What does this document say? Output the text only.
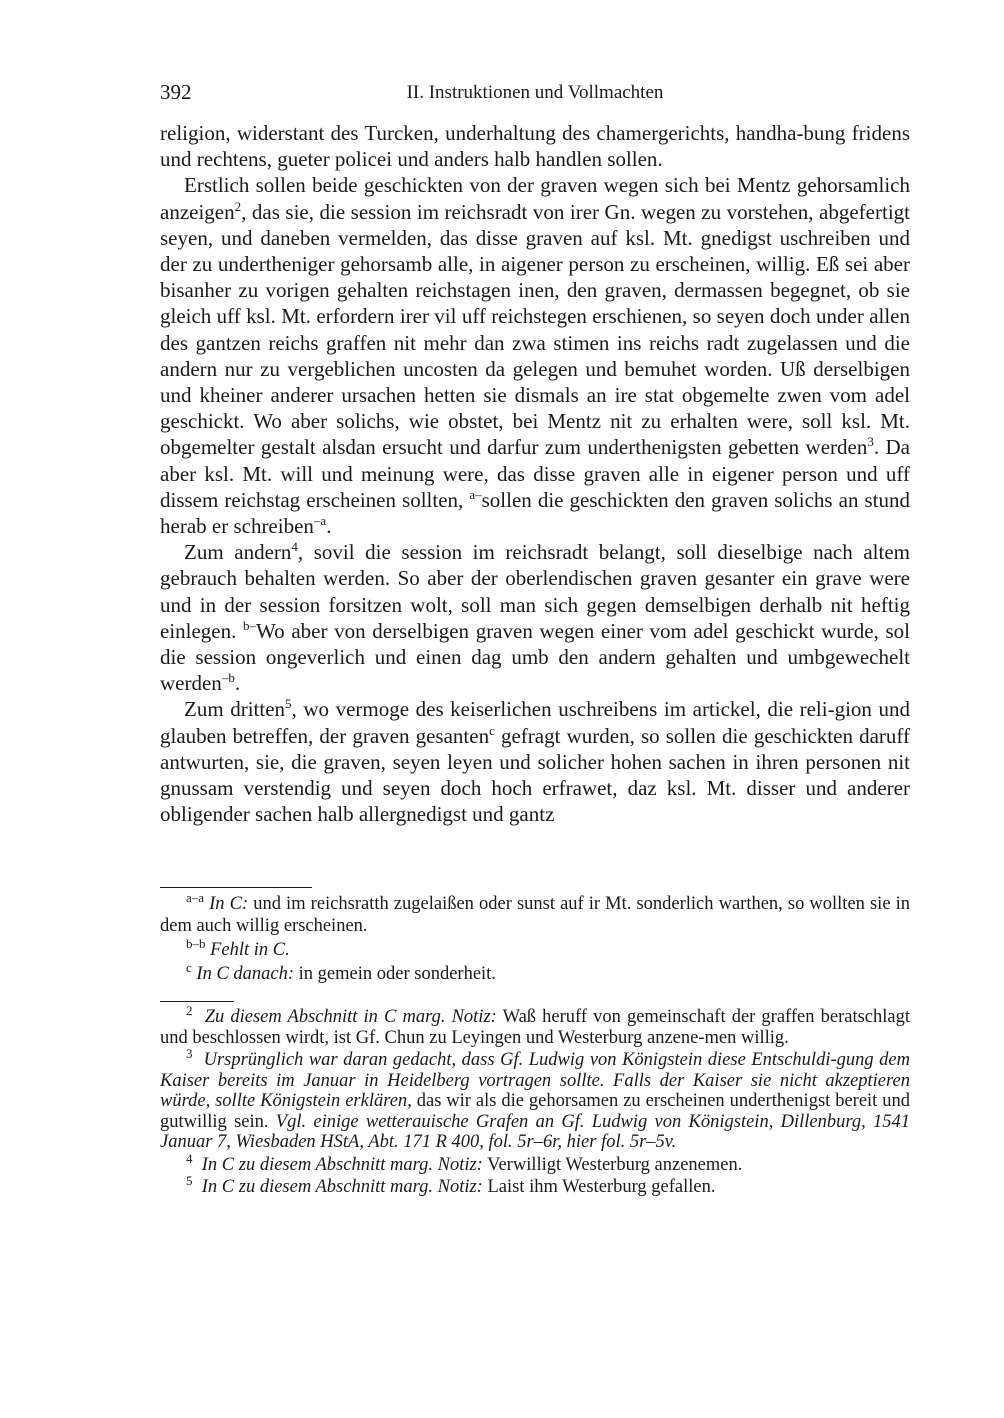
392	II. Instruktionen und Vollmachten

religion, widerstant des Turcken, underhaltung des chamergerichts, handha-bung fridens und rechtens, gueter policei und anders halb handlen sollen.

Erstlich sollen beide geschickten von der graven wegen sich bei Mentz gehorsamlich anzeigen$^2$, das sie, die session im reichsradt von irer Gn. wegen zu vorstehen, abgefertigt seyen, und daneben vermelden, das disse graven auf ksl. Mt. gnedigst uschreiben und der zu undertheniger gehorsamb alle, in aigener person zu erscheinen, willig. Eß sei aber bisanher zu vorigen gehalten reichstagen inen, den graven, dermassen begegnet, ob sie gleich uff ksl. Mt. erfordern irer vil uff reichstegen erschienen, so seyen doch under allen des gantzen reichs graffen nit mehr dan zwa stimen ins reichs radt zugelassen und die andern nur zu vergeblichen uncosten da gelegen und bemuhet worden. Uß derselbigen und kheiner anderer ursachen hetten sie dismals an ire stat obgemelte zwen vom adel geschickt. Wo aber solichs, wie obstet, bei Mentz nit zu erhalten were, soll ksl. Mt. obgemelter gestalt alsdan ersucht und darfur zum underthenigsten gebetten werden$^3$. Da aber ksl. Mt. will und meinung were, das disse graven alle in eigener person und uff dissem reichstag erscheinen sollten, $^{a-}$sollen die geschickten den graven solichs an stund herab er schreiben$^{-a}$.

Zum andern$^4$, sovil die session im reichsradt belangt, soll dieselbige nach altem gebrauch behalten werden. So aber der oberlendischen graven gesanter ein grave were und in der session forsitzen wolt, soll man sich gegen demselbigen derhalb nit heftig einlegen. $^{b-}$Wo aber von derselbigen graven wegen einer vom adel geschickt wurde, sol die session ongeverlich und einen dag umb den andern gehalten und umbgewechelt werden$^{-b}$.

Zum dritten$^5$, wo vermoge des keiserlichen uschreibens im artickel, die reli-gion und glauben betreffen, der graven gesanten$^c$ gefragt wurden, so sollen die geschickten daruff antwurten, sie, die graven, seyen leyen und solicher hohen sachen in ihren personen nit gnussam verstendig und seyen doch hoch erfrawet, daz ksl. Mt. disser und anderer obligender sachen halb allergnedigst und gantz

$^{a-a}$ In C: und im reichsratth zugelaißen oder sunst auf ir Mt. sonderlich warthen, so wollten sie in dem auch willig erscheinen.

$^{b-b}$ Fehlt in C.

$^c$ In C danach: in gemein oder sonderheit.

$^2$ Zu diesem Abschnitt in C marg. Notiz: Waß heruff von gemeinschaft der graffen beratschlagt und beschlossen wirdt, ist Gf. Chun zu Leyingen und Westerburg anzene-men willig.

$^3$ Ursprünglich war daran gedacht, dass Gf. Ludwig von Königstein diese Entschuldi-gung dem Kaiser bereits im Januar in Heidelberg vortragen sollte. Falls der Kaiser sie nicht akzeptieren würde, sollte Königstein erklären, das wir als die gehorsamen zu erscheinen underthenigst bereit und gutwillig sein. Vgl. einige wetterauische Grafen an Gf. Ludwig von Königstein, Dillenburg, 1541 Januar 7, Wiesbaden HStA, Abt. 171 R 400, fol. 5r–6r, hier fol. 5r–5v.

$^4$ In C zu diesem Abschnitt marg. Notiz: Verwilligt Westerburg anzenemen.

$^5$ In C zu diesem Abschnitt marg. Notiz: Laist ihm Westerburg gefallen.
